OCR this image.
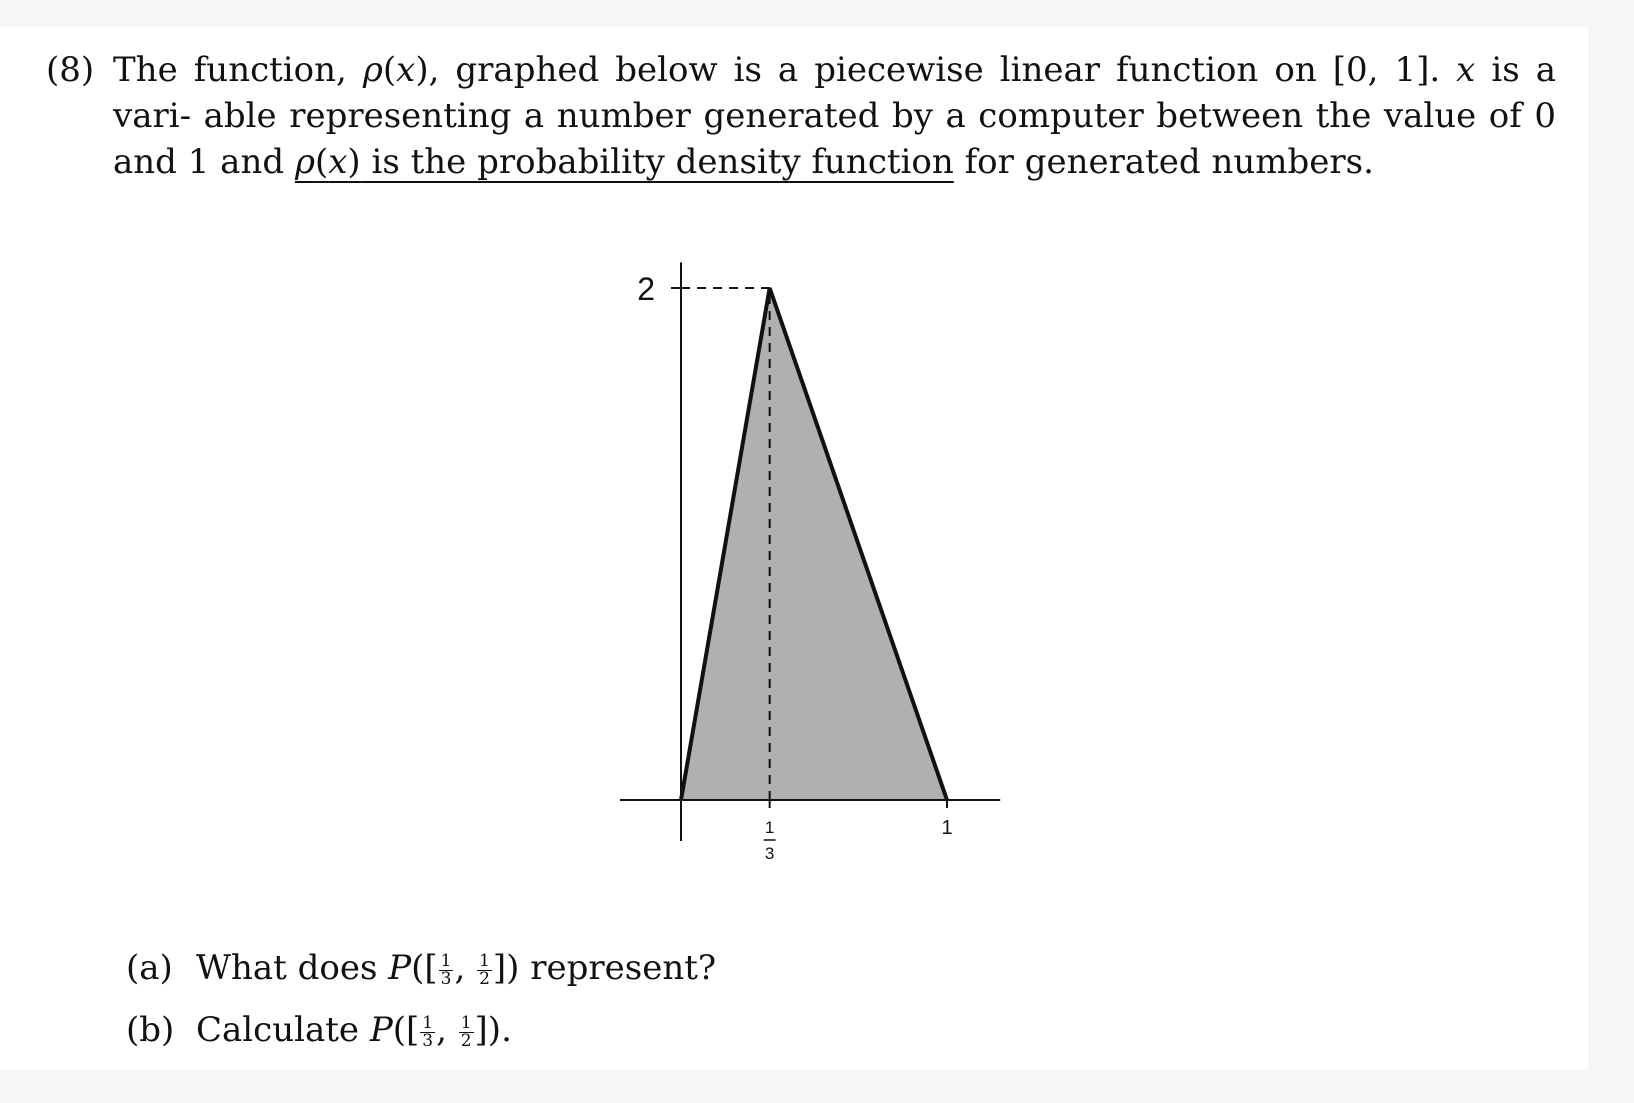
(8) The function, ρ(x), graphed below is a piecewise linear function on [0, 1]. x is a vari- able representing a number generated by a computer between the value of 0 and 1 and ρ(x) is the probability density function for generated numbers.
2
1
3
1
(a) What does $P([ \frac{1}{3}$ , $\frac{1}{2}$ ]) represent?
(b) Calculate $P([ \frac{1}{3}$ , $\frac{1}{2}$ ]).
